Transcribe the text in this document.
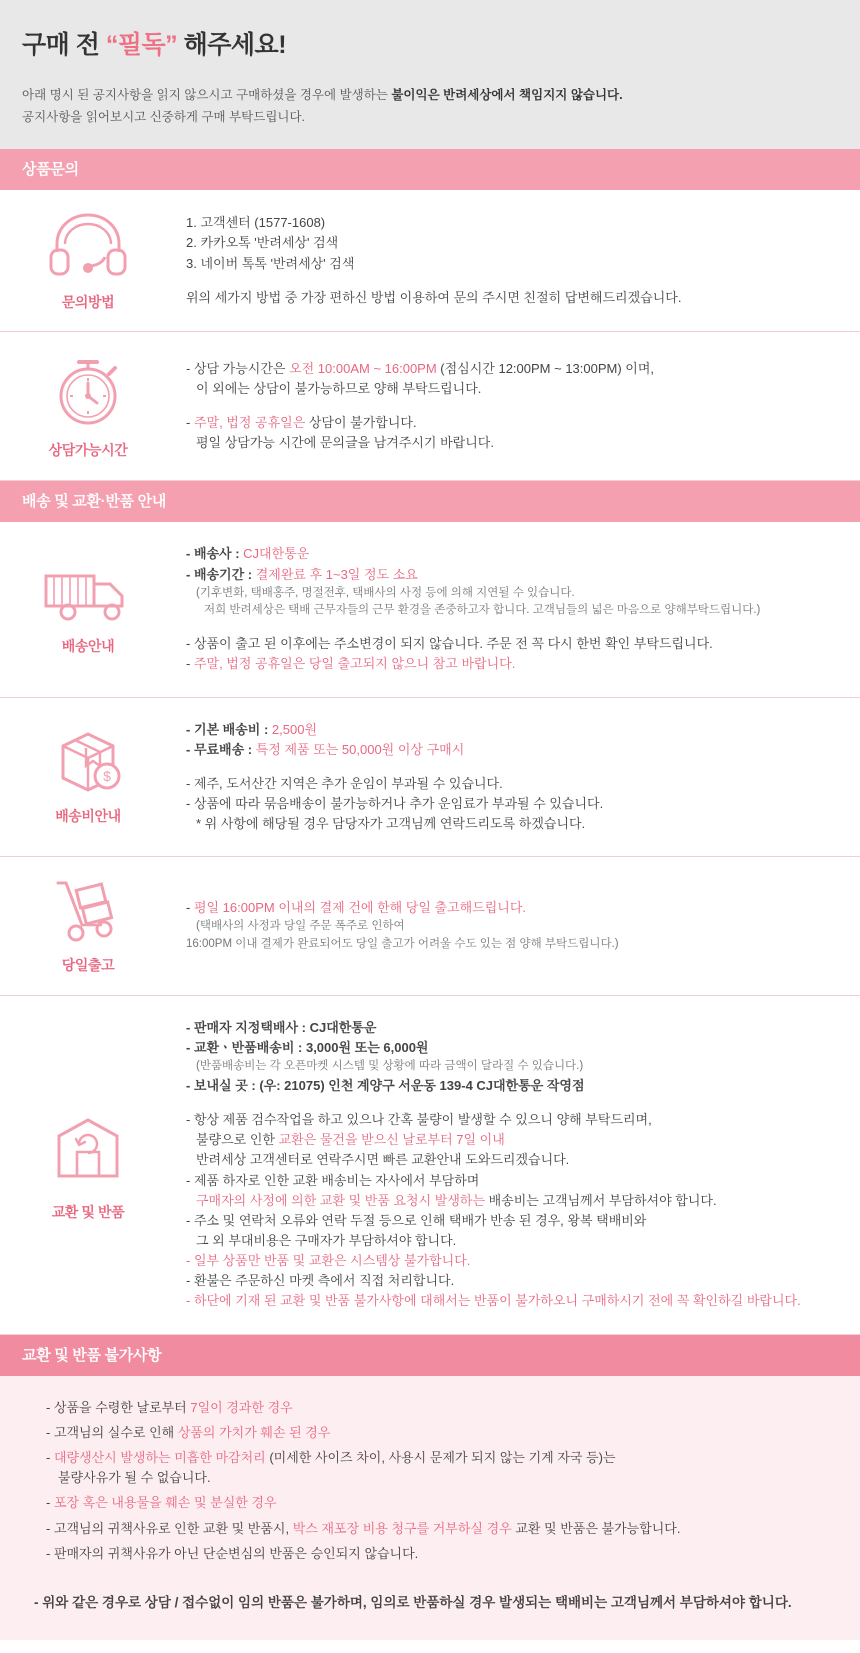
구매 전 “필독” 해주세요!
아래 명시 된 공지사항을 읽지 않으시고 구매하셨을 경우에 발생하는 불이익은 반려세상에서 책임지지 않습니다.
공지사항을 읽어보시고 신중하게 구매 부탁드립니다.
상품문의
문의방법

1. 고객센터 (1577-1608)

2. 카카오톡 '반려세상' 검색

3. 네이버 톡톡 '반려세상' 검색

위의 세가지 방법 중 가장 편하신 방법 이용하여 문의 주시면 친절히 답변해드리겠습니다.

상담가능시간

- 상담 가능시간은 오전 10:00AM ~ 16:00PM (점심시간 12:00PM ~ 13:00PM) 이며,

이 외에는 상담이 불가능하므로 양해 부탁드립니다.

- 주말, 법정 공휴일은 상담이 불가합니다.

평일 상담가능 시간에 문의글을 남겨주시기 바랍니다.

배송 및 교환·반품 안내
배송안내

- 배송사 : CJ대한통운

- 배송기간 : 결제완료 후 1~3일 정도 소요

(기후변화, 택배홍주, 명절전후, 택배사의 사정 등에 의해 지연될 수 있습니다.

저희 반려세상은 택배 근무자들의 근무 환경을 존중하고자 합니다. 고객님들의 넓은 마음으로 양해부탁드립니다.)

- 상품이 출고 된 이후에는 주소변경이 되지 않습니다. 주문 전 꼭 다시 한번 확인 부탁드립니다.

- 주말, 법정 공휴일은 당일 출고되지 않으니 참고 바랍니다.

$
배송비안내

- 기본 배송비 : 2,500원

- 무료배송 : 특정 제품 또는 50,000원 이상 구매시

- 제주, 도서산간 지역은 추가 운임이 부과될 수 있습니다.

- 상품에 따라 묶음배송이 불가능하거나 추가 운임료가 부과될 수 있습니다.

* 위 사항에 해당될 경우 담당자가 고객님께 연락드리도록 하겠습니다.

당일출고

- 평일 16:00PM 이내의 결제 건에 한해 당일 출고해드립니다.

(택배사의 사정과 당일 주문 폭주로 인하여

16:00PM 이내 결제가 완료되어도 당일 출고가 어려울 수도 있는 점 양해 부탁드립니다.)

교환 및 반품

- 판매자 지정택배사 : CJ대한통운

- 교환ㆍ반품배송비 : 3,000원 또는 6,000원

(반품배송비는 각 오픈마켓 시스템 및 상황에 따라 금액이 달라질 수 있습니다.)

- 보내실 곳 : (우: 21075) 인천 계양구 서운동 139-4 CJ대한통운 작영점

- 항상 제품 검수작업을 하고 있으나 간혹 불량이 발생할 수 있으니 양해 부탁드리며,

불량으로 인한 교환은 물건을 받으신 날로부터 7일 이내

반려세상 고객센터로 연락주시면 빠른 교환안내 도와드리겠습니다.

- 제품 하자로 인한 교환 배송비는 자사에서 부담하며

구매자의 사정에 의한 교환 및 반품 요청시 발생하는 배송비는 고객님께서 부담하셔야 합니다.

- 주소 및 연락처 오류와 연락 두절 등으로 인해 택배가 반송 된 경우, 왕복 택배비와

그 외 부대비용은 구매자가 부담하셔야 합니다.

- 일부 상품만 반품 및 교환은 시스템상 불가합니다.

- 환불은 주문하신 마켓 측에서 직접 처리합니다.

- 하단에 기재 된 교환 및 반품 불가사항에 대해서는 반품이 불가하오니 구매하시기 전에 꼭 확인하길 바랍니다.

교환 및 반품 불가사항
- 상품을 수령한 날로부터 7일이 경과한 경우
- 고객님의 실수로 인해 상품의 가치가 훼손 된 경우
- 대량생산시 발생하는 미흡한 마감처리 (미세한 사이즈 차이, 사용시 문제가 되지 않는 기계 자국 등)는
불량사유가 될 수 없습니다.
- 포장 혹은 내용물을 훼손 및 분실한 경우
- 고객님의 귀책사유로 인한 교환 및 반품시, 박스 재포장 비용 청구를 거부하실 경우 교환 및 반품은 불가능합니다.
- 판매자의 귀책사유가 아닌 단순변심의 반품은 승인되지 않습니다.
- 위와 같은 경우로 상담 / 접수없이 임의 반품은 불가하며, 임의로 반품하실 경우 발생되는 택배비는 고객님께서 부담하셔야 합니다.
